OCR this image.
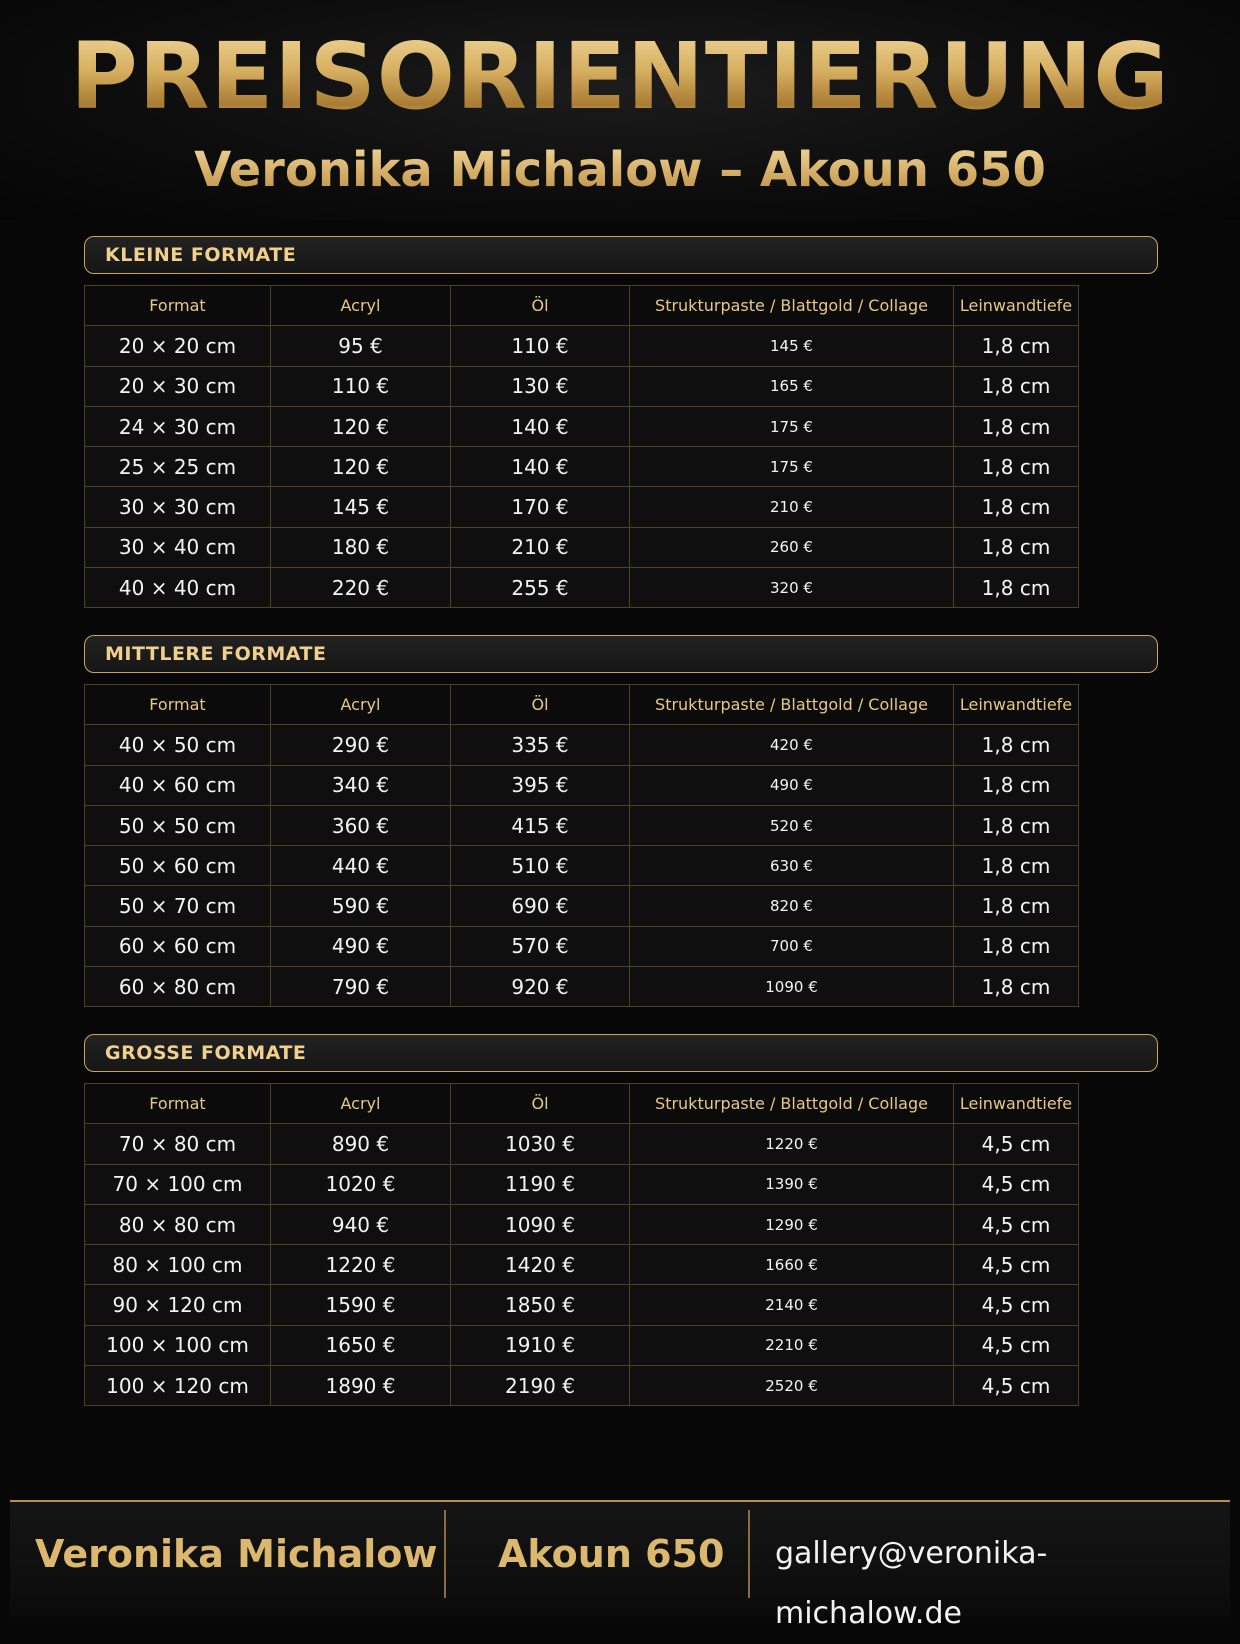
PREISORIENTIERUNG
Veronika Michalow – Akoun 650
KLEINE FORMATE
Format	Acryl	Öl	Strukturpaste / Blattgold / Collage	Leinwandtiefe
20 × 20 cm	95 €	110 €	145 €	1,8 cm
20 × 30 cm	110 €	130 €	165 €	1,8 cm
24 × 30 cm	120 €	140 €	175 €	1,8 cm
25 × 25 cm	120 €	140 €	175 €	1,8 cm
30 × 30 cm	145 €	170 €	210 €	1,8 cm
30 × 40 cm	180 €	210 €	260 €	1,8 cm
40 × 40 cm	220 €	255 €	320 €	1,8 cm
MITTLERE FORMATE
Format	Acryl	Öl	Strukturpaste / Blattgold / Collage	Leinwandtiefe
40 × 50 cm	290 €	335 €	420 €	1,8 cm
40 × 60 cm	340 €	395 €	490 €	1,8 cm
50 × 50 cm	360 €	415 €	520 €	1,8 cm
50 × 60 cm	440 €	510 €	630 €	1,8 cm
50 × 70 cm	590 €	690 €	820 €	1,8 cm
60 × 60 cm	490 €	570 €	700 €	1,8 cm
60 × 80 cm	790 €	920 €	1090 €	1,8 cm
GROSSE FORMATE
Format	Acryl	Öl	Strukturpaste / Blattgold / Collage	Leinwandtiefe
70 × 80 cm	890 €	1030 €	1220 €	4,5 cm
70 × 100 cm	1020 €	1190 €	1390 €	4,5 cm
80 × 80 cm	940 €	1090 €	1290 €	4,5 cm
80 × 100 cm	1220 €	1420 €	1660 €	4,5 cm
90 × 120 cm	1590 €	1850 €	2140 €	4,5 cm
100 × 100 cm	1650 €	1910 €	2210 €	4,5 cm
100 × 120 cm	1890 €	2190 €	2520 €	4,5 cm
Veronika Michalow Akoun 650 gallery@veronika-michalow.de
